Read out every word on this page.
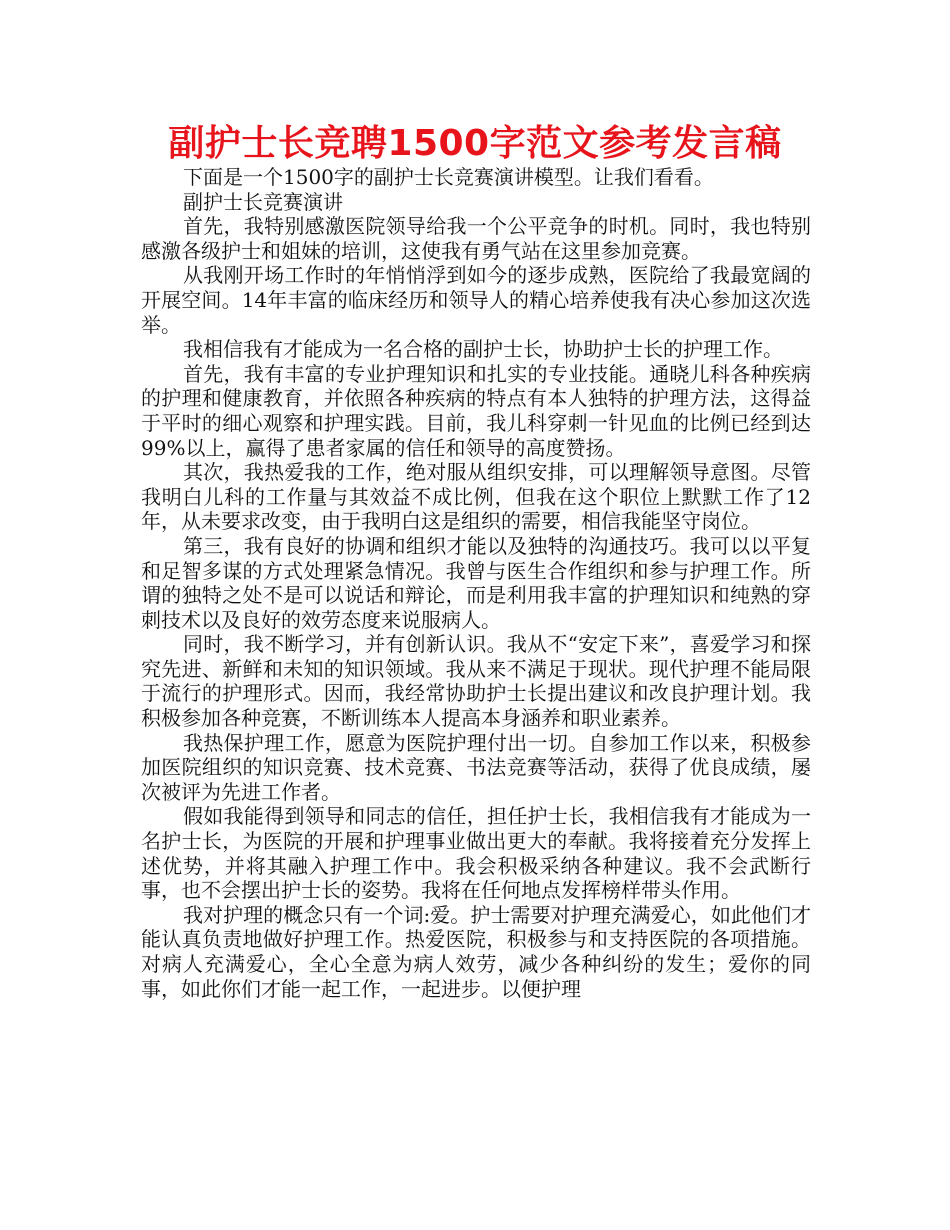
副护士长竞聘1500字范文参考发言稿

下面是一个1500字的副护士长竞赛演讲模型。让我们看看。

副护士长竞赛演讲

首先，我特别感激医院领导给我一个公平竞争的时机。同时，我也特别感激各级护士和姐妹的培训，这使我有勇气站在这里参加竞赛。

从我刚开场工作时的年悄悄浮到如今的逐步成熟，医院给了我最宽阔的开展空间。14年丰富的临床经历和领导人的精心培养使我有决心参加这次选举。

我相信我有才能成为一名合格的副护士长，协助护士长的护理工作。

首先，我有丰富的专业护理知识和扎实的专业技能。通晓儿科各种疾病的护理和健康教育，并依照各种疾病的特点有本人独特的护理方法，这得益于平时的细心观察和护理实践。目前，我儿科穿刺一针见血的比例已经到达99%以上，赢得了患者家属的信任和领导的高度赞扬。

其次，我热爱我的工作，绝对服从组织安排，可以理解领导意图。尽管我明白儿科的工作量与其效益不成比例，但我在这个职位上默默工作了12年，从未要求改变，由于我明白这是组织的需要，相信我能坚守岗位。

第三，我有良好的协调和组织才能以及独特的沟通技巧。我可以以平复和足智多谋的方式处理紧急情况。我曾与医生合作组织和参与护理工作。所谓的独特之处不是可以说话和辩论，而是利用我丰富的护理知识和纯熟的穿刺技术以及良好的效劳态度来说服病人。

同时，我不断学习，并有创新认识。我从不“安定下来”，喜爱学习和探究先进、新鲜和未知的知识领域。我从来不满足于现状。现代护理不能局限于流行的护理形式。因而，我经常协助护士长提出建议和改良护理计划。我积极参加各种竞赛，不断训练本人提高本身涵养和职业素养。

我热保护理工作，愿意为医院护理付出一切。自参加工作以来，积极参加医院组织的知识竞赛、技术竞赛、书法竞赛等活动，获得了优良成绩，屡次被评为先进工作者。

假如我能得到领导和同志的信任，担任护士长，我相信我有才能成为一名护士长，为医院的开展和护理事业做出更大的奉献。我将接着充分发挥上述优势，并将其融入护理工作中。我会积极采纳各种建议。我不会武断行事，也不会摆出护士长的姿势。我将在任何地点发挥榜样带头作用。

我对护理的概念只有一个词:爱。护士需要对护理充满爱心，如此他们才能认真负责地做好护理工作。热爱医院，积极参与和支持医院的各项措施。对病人充满爱心，全心全意为病人效劳，减少各种纠纷的发生；爱你的同事，如此你们才能一起工作，一起进步。以便护理
